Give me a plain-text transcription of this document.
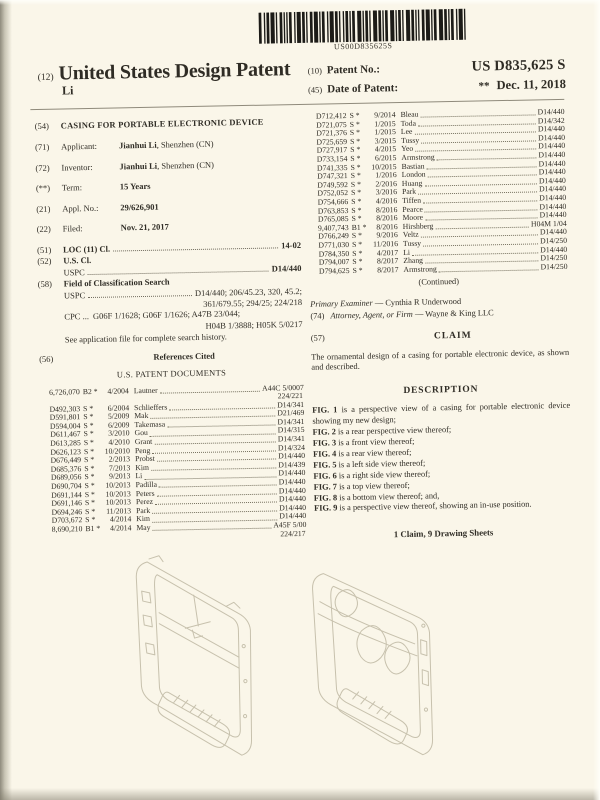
US00D835625S
(12) United States Design Patent

Li

(10) Patent No.:	US D835,625 S
(45) Date of Patent:	** Dec. 11, 2018
(54)	CASING FOR PORTABLE ELECTRONIC DEVICE
(71)	Applicant:	Jianhui Li, Shenzhen (CN)
(72)	Inventor:	Jianhui Li, Shenzhen (CN)
(**)	Term:	15 Years
(21)	Appl. No.:	29/626,901
(22)	Filed:	Nov. 21, 2017
(51)	LOC (11) Cl.	14-02
(52)	U.S. Cl.
USPC	D14/440
(58)	Field of Classification Search
USPC	D14/440; 206/45.23, 320, 45.2;
361/679.55; 294/25; 224/218
CPC ... G06F 1/1628; G06F 1/1626; A47B 23/044;
H04B 1/3888; H05K 5/0217
See application file for complete search history.
(56)	References Cited
U.S. PATENT DOCUMENTS
6,726,070 B2 *	4/2004 Lautner	A44C 5/0007
224/221
D492,303 S *	6/2004 Schlieffers	D14/341
D591,801 S *	5/2009 Mak	D21/469
D594,004 S *	6/2009 Takemasa	D14/341
D611,467 S *	3/2010 Gou	D14/315
D613,285 S *	4/2010 Grant	D14/341
D626,123 S *	10/2010 Peng	D14/324
D676,449 S *	2/2013 Probst	D14/440
D685,376 S *	7/2013 Kim	D14/439
D689,056 S *	9/2013 Li	D14/440
D690,704 S *	10/2013 Padilla	D14/440
D691,144 S *	10/2013 Peters	D14/440
D691,146 S *	10/2013 Perez	D14/440
D694,246 S *	11/2013 Park	D14/440
D703,672 S *	4/2014 Kim	D14/440
8,690,210 B1 *	4/2014 May	A45F 5/00
224/217
D712,412 S *	9/2014 Bleau	D14/440
D721,075 S *	1/2015 Toda	D14/342
D721,376 S *	1/2015 Lee	D14/440
D725,659 S *	3/2015 Tussy	D14/440
D727,917 S *	4/2015 Yeo	D14/440
D733,154 S *	6/2015 Armstrong	D14/440
D741,335 S *	10/2015 Bastian	D14/440
D747,321 S *	1/2016 London	D14/440
D749,592 S *	2/2016 Huang	D14/440
D752,052 S *	3/2016 Park	D14/440
D754,666 S *	4/2016 Tiffen	D14/440
D763,853 S *	8/2016 Pearce	D14/440
D765,085 S *	8/2016 Moore	D14/440
9,407,743 B1 *	8/2016 Hirshberg	H04M 1/04
D766,249 S *	9/2016 Veltz	D14/440
D771,030 S *	11/2016 Tussy	D14/250
D784,350 S *	4/2017 Li	D14/440
D794,007 S *	8/2017 Zhang	D14/250
D794,625 S *	8/2017 Armstrong	D14/250
(Continued)

Primary Examiner — Cynthia R Underwood

(74) Attorney, Agent, or Firm — Wayne & King LLC
(57)	CLAIM

The ornamental design of a casing for portable electronic device, as shown and described.

DESCRIPTION

FIG. 1 is a perspective view of a casing for portable electronic device showing my new design;

FIG. 2 is a rear perspective view thereof;

FIG. 3 is a front view thereof;

FIG. 4 is a rear view thereof;

FIG. 5 is a left side view thereof;

FIG. 6 is a right side view thereof;

FIG. 7 is a top view thereof;

FIG. 8 is a bottom view thereof; and,

FIG. 9 is a perspective view thereof, showing an in-use position.

1 Claim, 9 Drawing Sheets
